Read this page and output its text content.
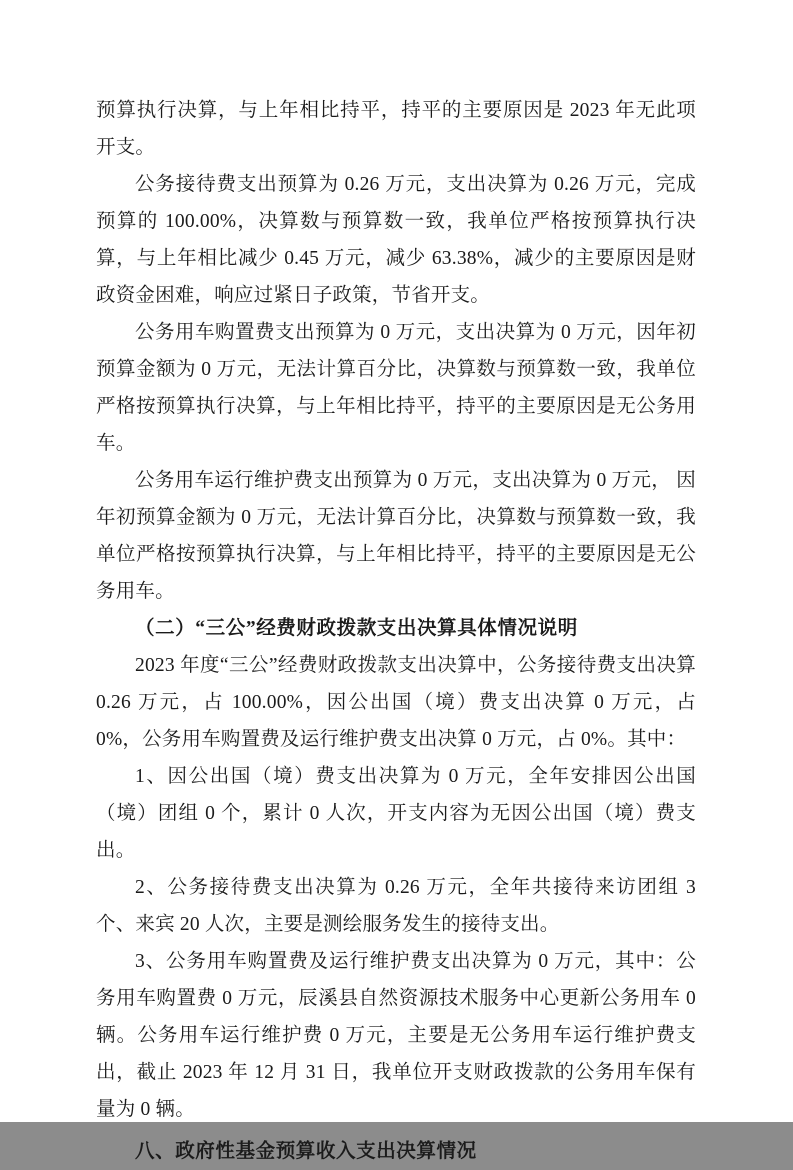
预算执行决算，与上年相比持平，持平的主要原因是 2023 年无此项开支。

公务接待费支出预算为 0.26 万元，支出决算为 0.26 万元，完成预算的 100.00%，决算数与预算数一致，我单位严格按预算执行决算，与上年相比减少 0.45 万元，减少 63.38%，减少的主要原因是财政资金困难，响应过紧日子政策，节省开支。

公务用车购置费支出预算为 0 万元，支出决算为 0 万元，因年初预算金额为 0 万元，无法计算百分比，决算数与预算数一致，我单位严格按预算执行决算，与上年相比持平，持平的主要原因是无公务用车。

公务用车运行维护费支出预算为 0 万元，支出决算为 0 万元， 因年初预算金额为 0 万元，无法计算百分比，决算数与预算数一致，我单位严格按预算执行决算，与上年相比持平，持平的主要原因是无公务用车。

（二）“三公”经费财政拨款支出决算具体情况说明

2023 年度“三公”经费财政拨款支出决算中，公务接待费支出决算 0.26 万元，占 100.00%，因公出国（境）费支出决算 0 万元，占 0%，公务用车购置费及运行维护费支出决算 0 万元，占 0%。其中：

1、因公出国（境）费支出决算为 0 万元，全年安排因公出国（境）团组 0 个，累计 0 人次，开支内容为无因公出国（境）费支出。

2、公务接待费支出决算为 0.26 万元，全年共接待来访团组 3 个、来宾 20 人次，主要是测绘服务发生的接待支出。

3、公务用车购置费及运行维护费支出决算为 0 万元，其中：公务用车购置费 0 万元，辰溪县自然资源技术服务中心更新公务用车 0 辆。公务用车运行维护费 0 万元，主要是无公务用车运行维护费支出，截止 2023 年 12 月 31 日，我单位开支财政拨款的公务用车保有量为 0 辆。

八、政府性基金预算收入支出决算情况
